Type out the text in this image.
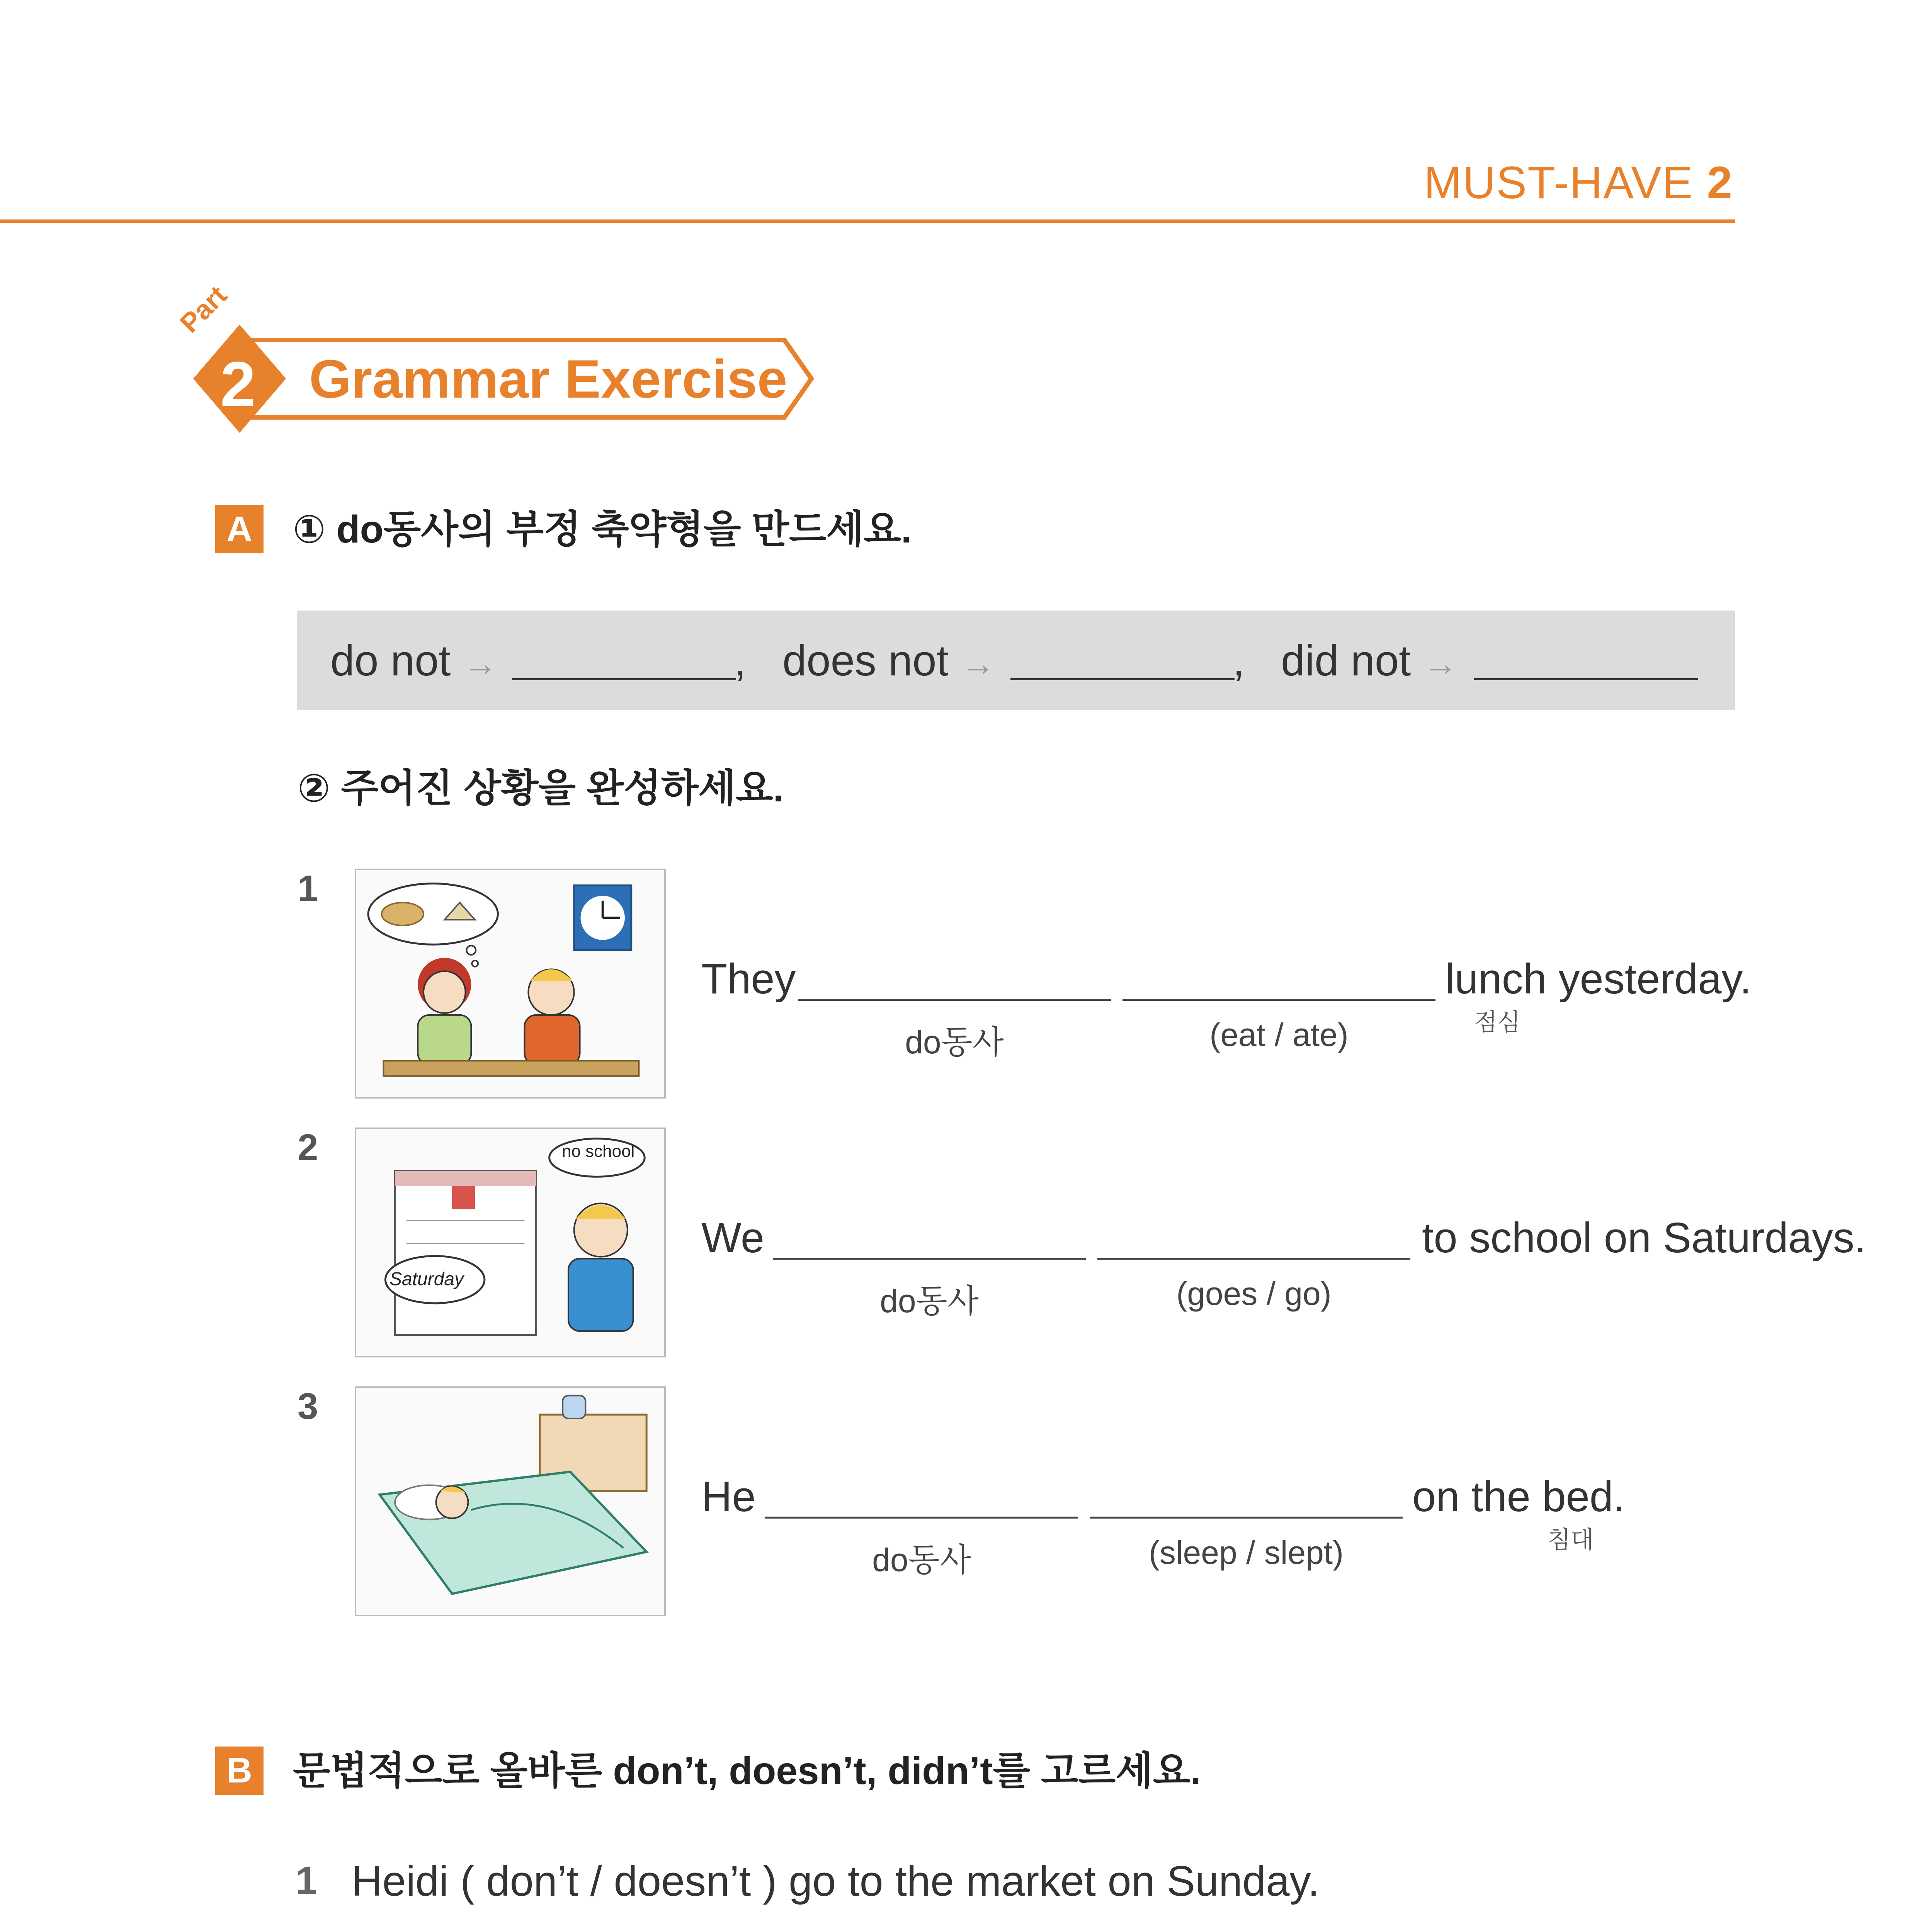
MUST-HAVE 2
2
Part
Grammar Exercise
A ① do동사의 부정 축약형을 만드세요.
do not →	, does not →	, did not →
② 주어진 상황을 완성하세요.
1
They	lunch yesterday.
do동사	(eat / ate)	점심
2	no school
Saturday
We	to school on Saturdays.
do동사	(goes / go)
3
He	on the bed.
do동사	(sleep / slept)	침대
B 문법적으로 올바른 don’t, doesn’t, didn’t를 고르세요.
1 Heidi ( don’t / doesn’t ) go to the market on Sunday.
